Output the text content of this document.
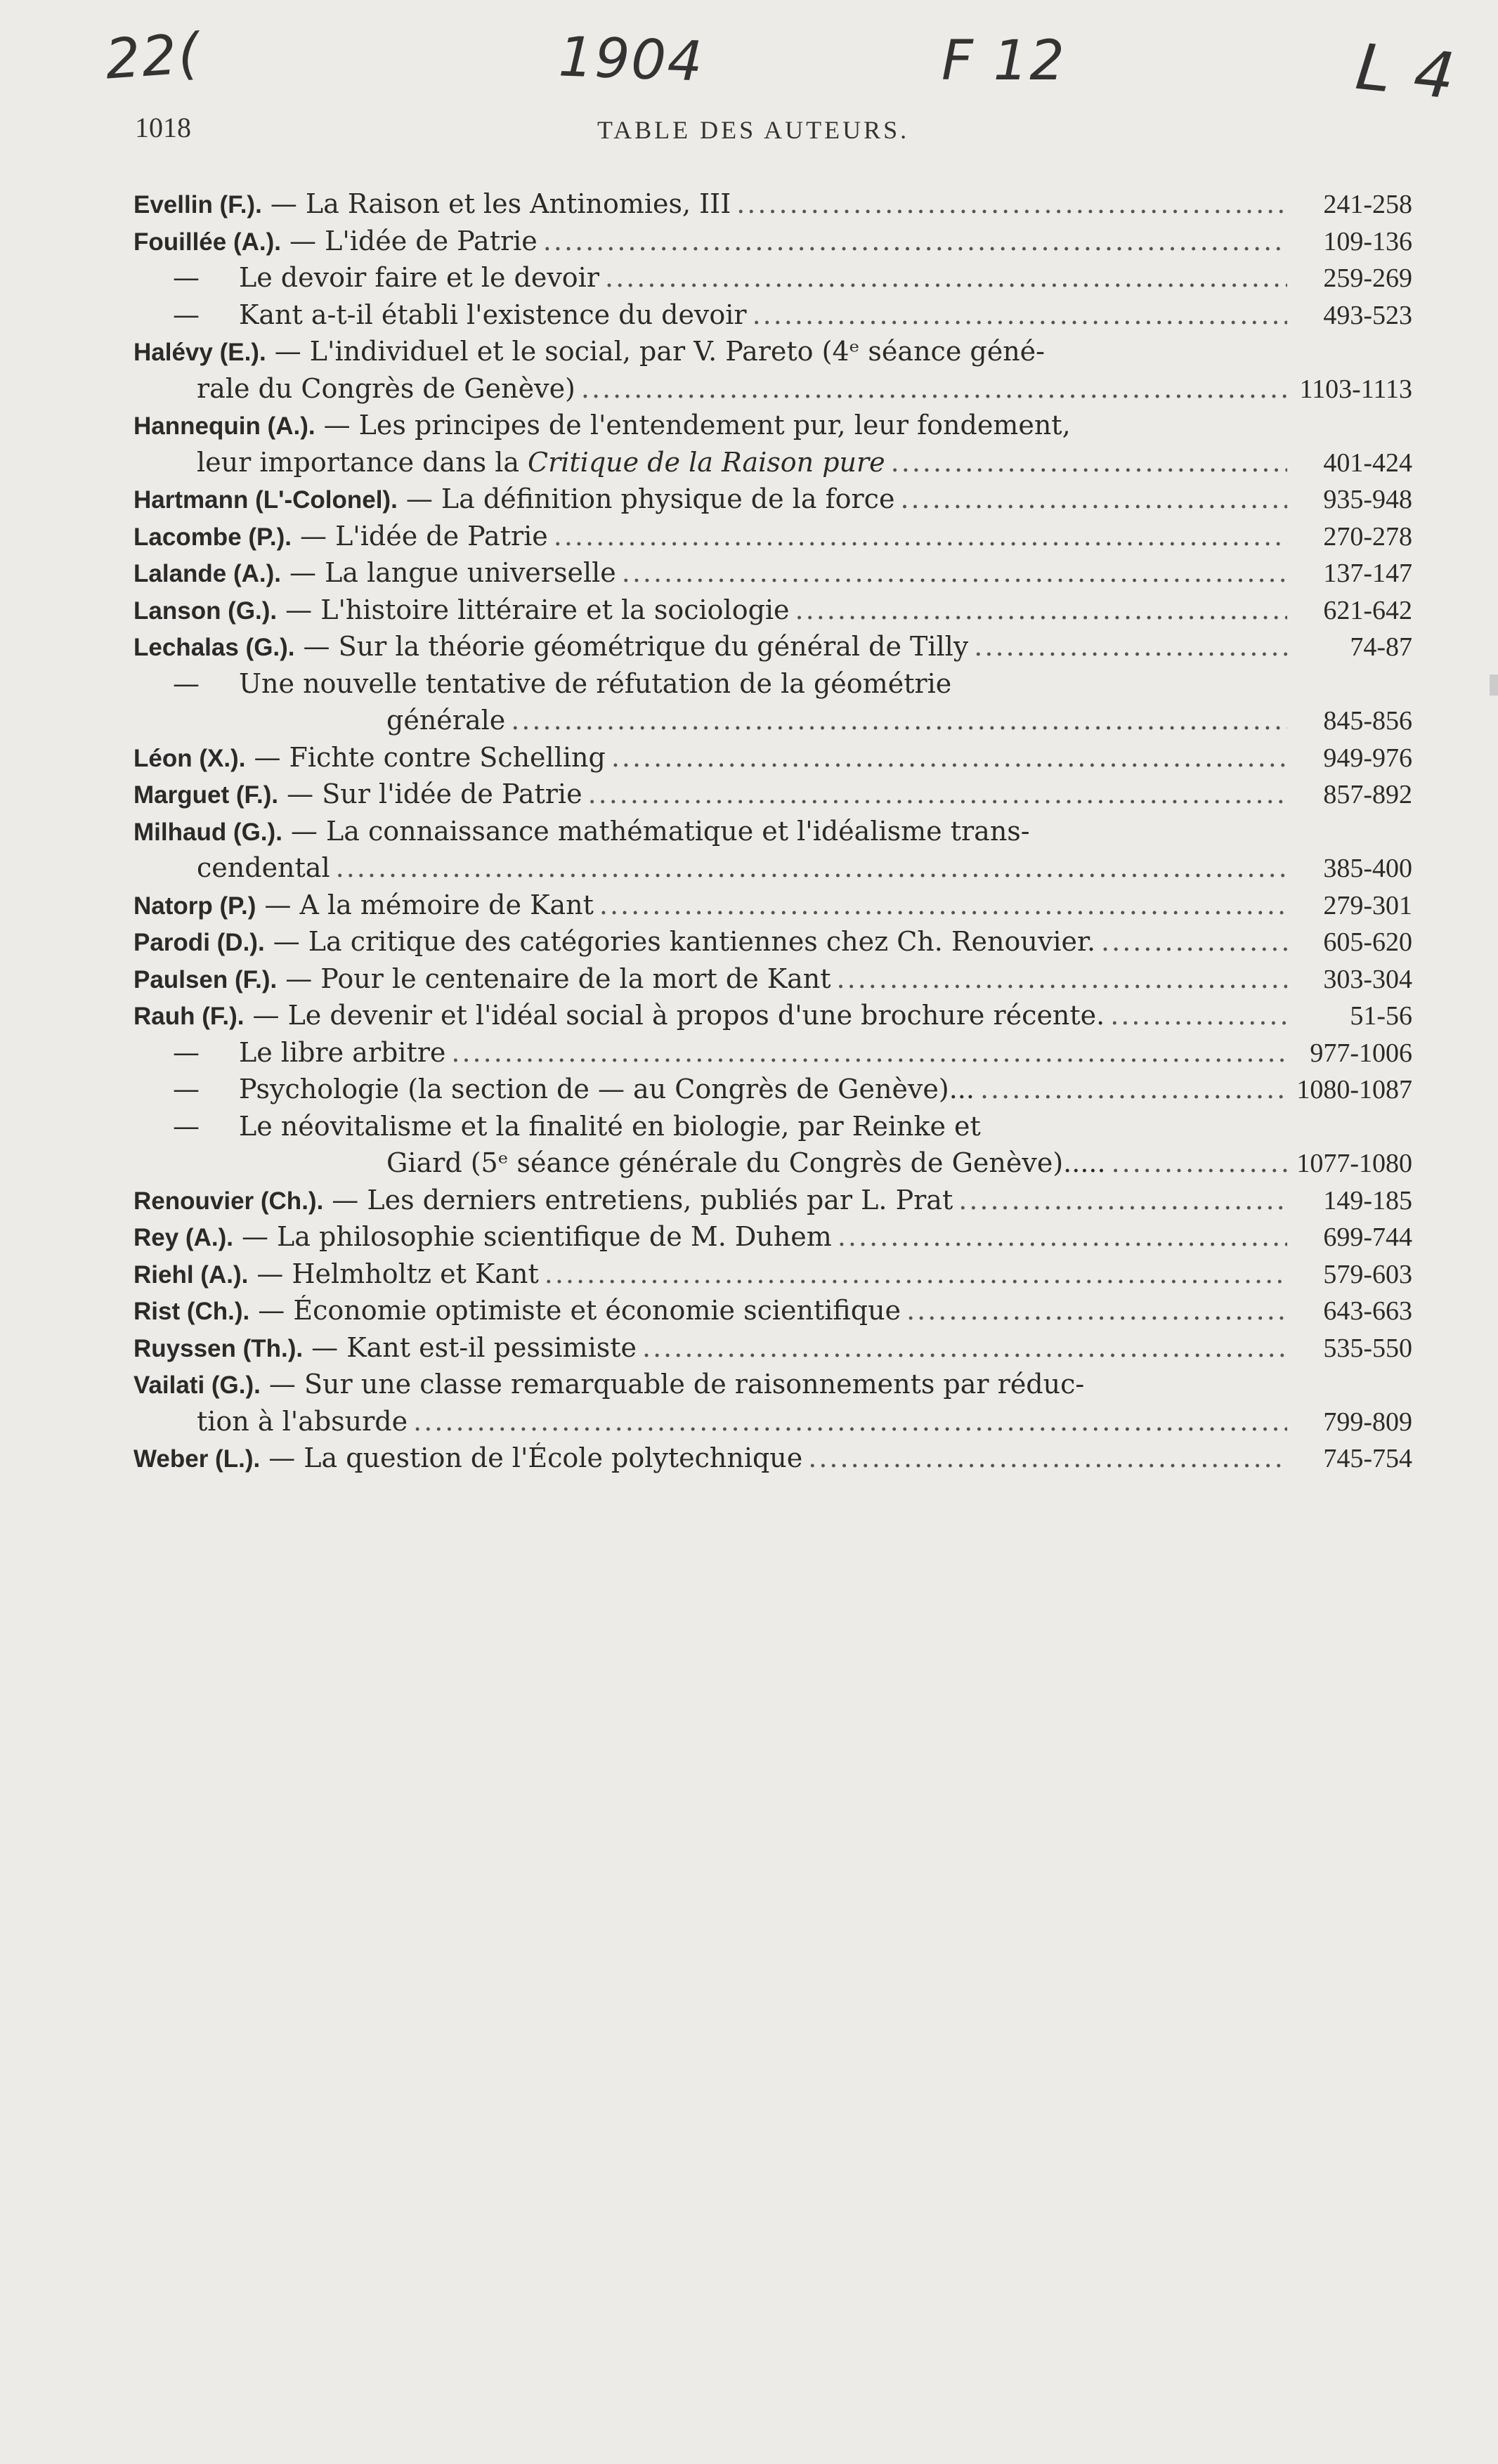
22(	1904	F 12	L 4
1018	TABLE DES AUTEURS.
Evellin (F.). — La Raison et les Antinomies, III .....	241-258
Fouillée (A.). — L'idée de Patrie .....	109-136
—	Le devoir faire et le devoir .....	259-269
—	Kant a-t-il établi l'existence du devoir .....	493-523
Halévy (E.). — L'individuel et le social, par V. Pareto (4ᵉ séance géné-
rale du Congrès de Genève) .....	1103-1113
Hannequin (A.). — Les principes de l'entendement pur, leur fondement,
leur importance dans la Critique de la Raison pure .....	401-424
Hartmann (L'-Colonel). — La définition physique de la force .....	935-948
Lacombe (P.). — L'idée de Patrie .....	270-278
Lalande (A.). — La langue universelle .....	137-147
Lanson (G.). — L'histoire littéraire et la sociologie .....	621-642
Lechalas (G.). — Sur la théorie géométrique du général de Tilly .....	74-87
—	Une nouvelle tentative de réfutation de la géométrie
générale .....	845-856
Léon (X.). — Fichte contre Schelling .....	949-976
Marguet (F.). — Sur l'idée de Patrie .....	857-892
Milhaud (G.). — La connaissance mathématique et l'idéalisme trans-
cendental .....	385-400
Natorp (P.) — A la mémoire de Kant .....	279-301
Parodi (D.). — La critique des catégories kantiennes chez Ch. Renouvier. .....	605-620
Paulsen (F.). — Pour le centenaire de la mort de Kant .....	303-304
Rauh (F.). — Le devenir et l'idéal social à propos d'une brochure récente. .....	51-56
—	Le libre arbitre .....	977-1006
—	Psychologie (la section de — au Congrès de Genève)... .....	1080-1087
—	Le néovitalisme et la finalité en biologie, par Reinke et
Giard (5ᵉ séance générale du Congrès de Genève)..... .....	1077-1080
Renouvier (Ch.). — Les derniers entretiens, publiés par L. Prat .....	149-185
Rey (A.). — La philosophie scientifique de M. Duhem .....	699-744
Riehl (A.). — Helmholtz et Kant .....	579-603
Rist (Ch.). — Économie optimiste et économie scientifique .....	643-663
Ruyssen (Th.). — Kant est-il pessimiste .....	535-550
Vailati (G.). — Sur une classe remarquable de raisonnements par réduc-
tion à l'absurde .....	799-809
Weber (L.). — La question de l'École polytechnique .....	745-754
